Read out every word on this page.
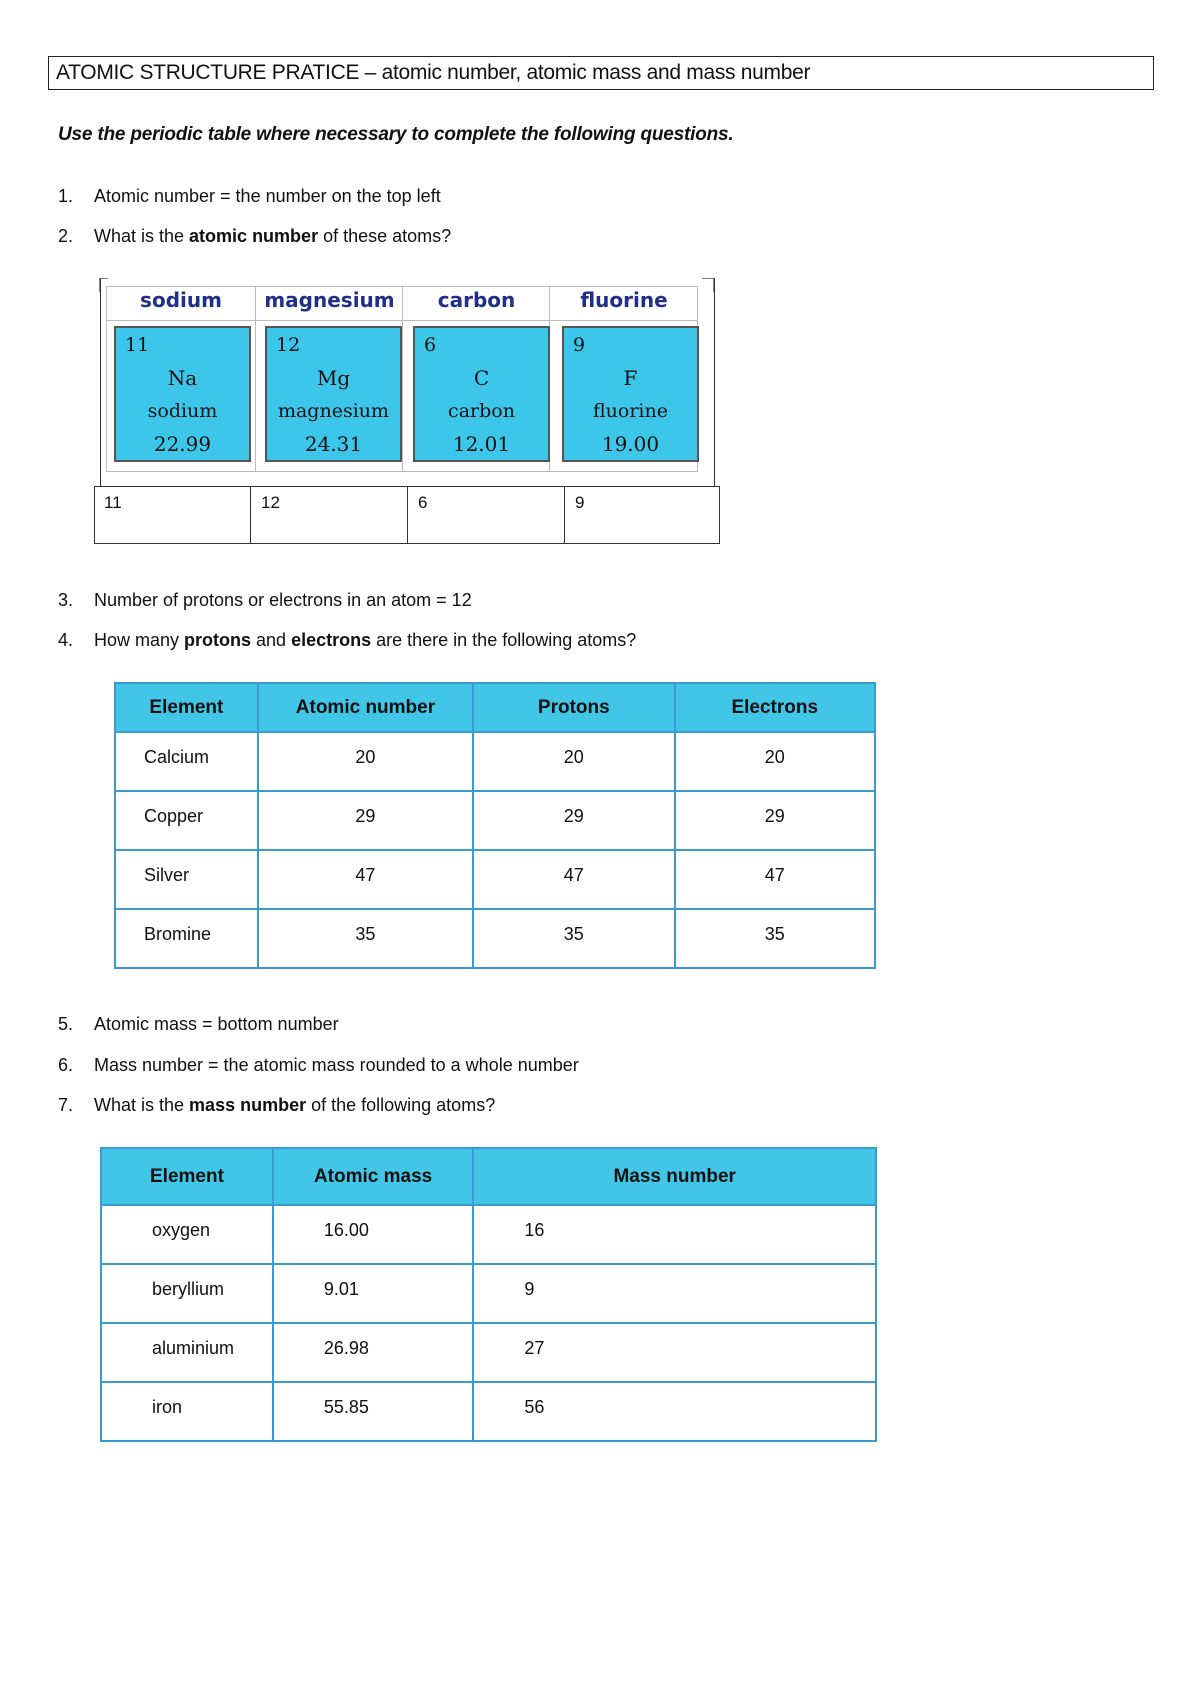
ATOMIC STRUCTURE PRATICE – atomic number, atomic mass and mass number
Use the periodic table where necessary to complete the following questions.
1. Atomic number = the number on the top left
2. What is the atomic number of these atoms?
sodium	magnesium	carbon	fluorine
11
Na
sodium
22.99
12
Mg
magnesium
24.31
6
C
carbon
12.01
9
F
fluorine
19.00
11	12	6	9
3. Number of protons or electrons in an atom = 12
4. How many protons and electrons are there in the following atoms?
Element	Atomic number	Protons	Electrons
Calcium	20	20	20
Copper	29	29	29
Silver	47	47	47
Bromine	35	35	35
5. Atomic mass = bottom number
6. Mass number = the atomic mass rounded to a whole number
7. What is the mass number of the following atoms?
Element	Atomic mass	Mass number
oxygen	16.00	16
beryllium	9.01	9
aluminium	26.98	27
iron	55.85	56
